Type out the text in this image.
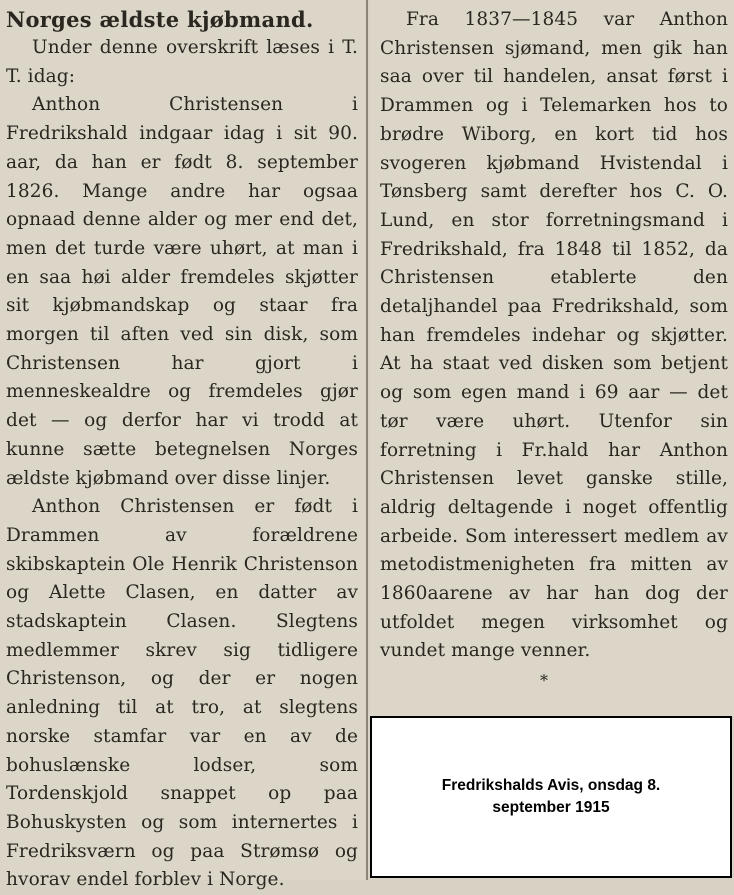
Norges ældste kjøbmand.

Under denne overskrift læses i T. T. idag:

Anthon Christensen i Fredrikshald indgaar idag i sit 90. aar, da han er født 8. september 1826. Mange andre har ogsaa opnaad denne alder og mer end det, men det turde være uhørt, at man i en saa høi alder fremdeles skjøtter sit kjøbmandskap og staar fra morgen til aften ved sin disk, som Christensen har gjort i menneskealdre og fremdeles gjør det — og derfor har vi trodd at kunne sætte betegnelsen Norges ældste kjøbmand over disse linjer.

Anthon Christensen er født i Drammen av forældrene skibskaptein Ole Henrik Christenson og Alette Clasen, en datter av stadskaptein Clasen. Slegtens medlemmer skrev sig tidligere Christenson, og der er nogen anledning til at tro, at slegtens norske stamfar var en av de bohuslænske lodser, som Tordenskjold snappet op paa Bohuskysten og som internertes i Fredriksværn og paa Strømsø og hvorav endel forblev i Norge.

Fra 1837—1845 var Anthon Christensen sjømand, men gik han saa over til handelen, ansat først i Drammen og i Telemarken hos to brødre Wiborg, en kort tid hos svogeren kjøbmand Hvistendal i Tønsberg samt derefter hos C. O. Lund, en stor forretningsmand i Fredrikshald, fra 1848 til 1852, da Christensen etablerte den detaljhandel paa Fredrikshald, som han fremdeles indehar og skjøtter. At ha staat ved disken som betjent og som egen mand i 69 aar — det tør være uhørt. Utenfor sin forretning i Fr.hald har Anthon Christensen levet ganske stille, aldrig deltagende i noget offentlig arbeide. Som interessert medlem av metodistmenigheten fra mitten av 1860aarene av har han dog der utfoldet megen virksomhet og vundet mange venner.

*
Fredrikshalds Avis, onsdag 8. september 1915
